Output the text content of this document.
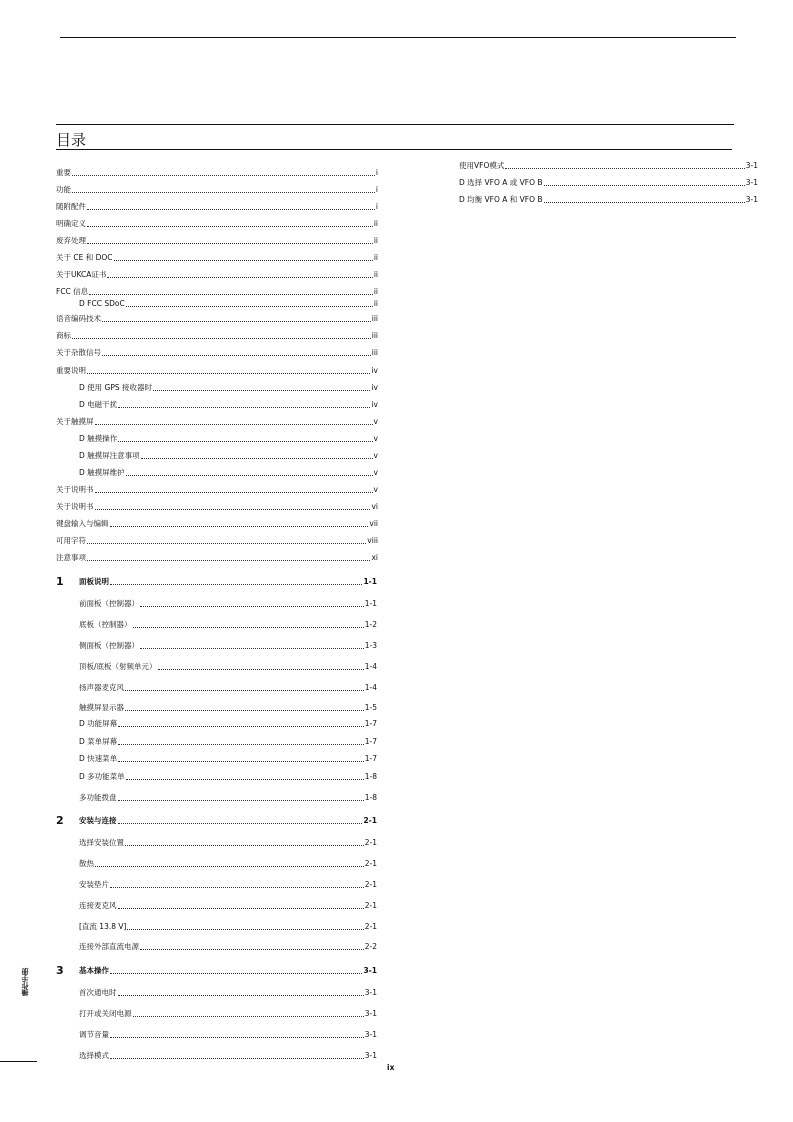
目录
重要	i
功能	i
随附配件	i
明确定义	ii
废弃处理	ii
关于 CE 和 DOC	ii
关于UKCA证书	ii
FCC 信息	ii
D FCC SDoC	ii
语音编码技术	iii
商标	iii
关于杂散信号	iii
重要说明	iv
D 使用 GPS 接收器时	iv
D 电磁干扰	iv
关于触摸屏	v
D 触摸操作	v
D 触摸屏注意事项	v
D 触摸屏维护	v
关于说明书	v
关于说明书	vi
键盘输入与编辑	vii
可用字符	viii
注意事项	xi
1 面板说明	1-1
前面板（控制器）	1-1
底板（控制器）	1-2
侧面板（控制器）	1-3
顶板/底板（射频单元）	1-4
扬声器麦克风	1-4
触摸屏显示器	1-5
D 功能屏幕	1-7
D 菜单屏幕	1-7
D 快速菜单	1-7
D 多功能菜单	1-8
多功能拨盘	1-8
2 安装与连接	2-1
选择安装位置	2-1
散热	2-1
安装垫片	2-1
连接麦克风	2-1
[直流 13.8 V]	2-1
连接外部直流电源	2-2
3 基本操作	3-1
首次通电时	3-1
打开或关闭电源	3-1
调节音量	3-1
选择模式	3-1
使用VFO模式	3-1
D 选择 VFO A 或 VFO B	3-1
D 均衡 VFO A 和 VFO B	3-1
操作手册
ix
